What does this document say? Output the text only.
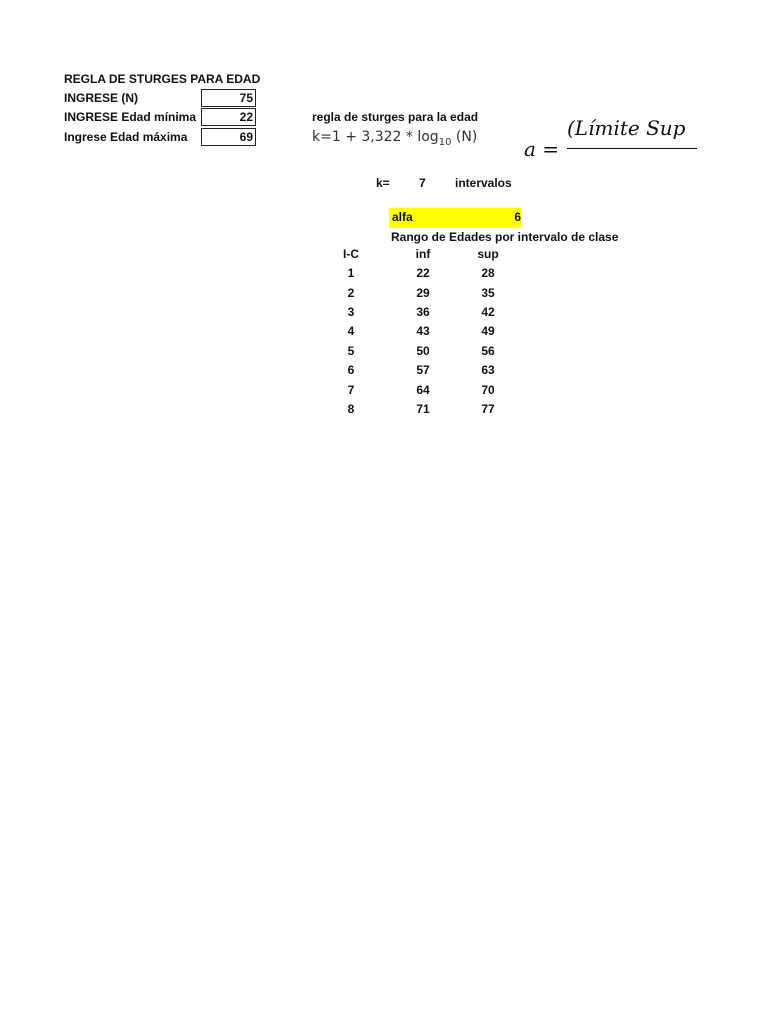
REGLA DE STURGES PARA EDAD
INGRESE (N)	75
INGRESE Edad mínima	22
Ingrese Edad máxima	69
regla de sturges para la edad
$k=1 + 3,322 * \log_{10} (N) a$ =
(Límite Sup
k= 7 intervalos
alfa	6
Rango de Edades por intervalo de clase
I-C	inf	sup
1	22	28
2	29	35
3	36	42
4	43	49
5	50	56
6	57	63
7	64	70
8	71	77
